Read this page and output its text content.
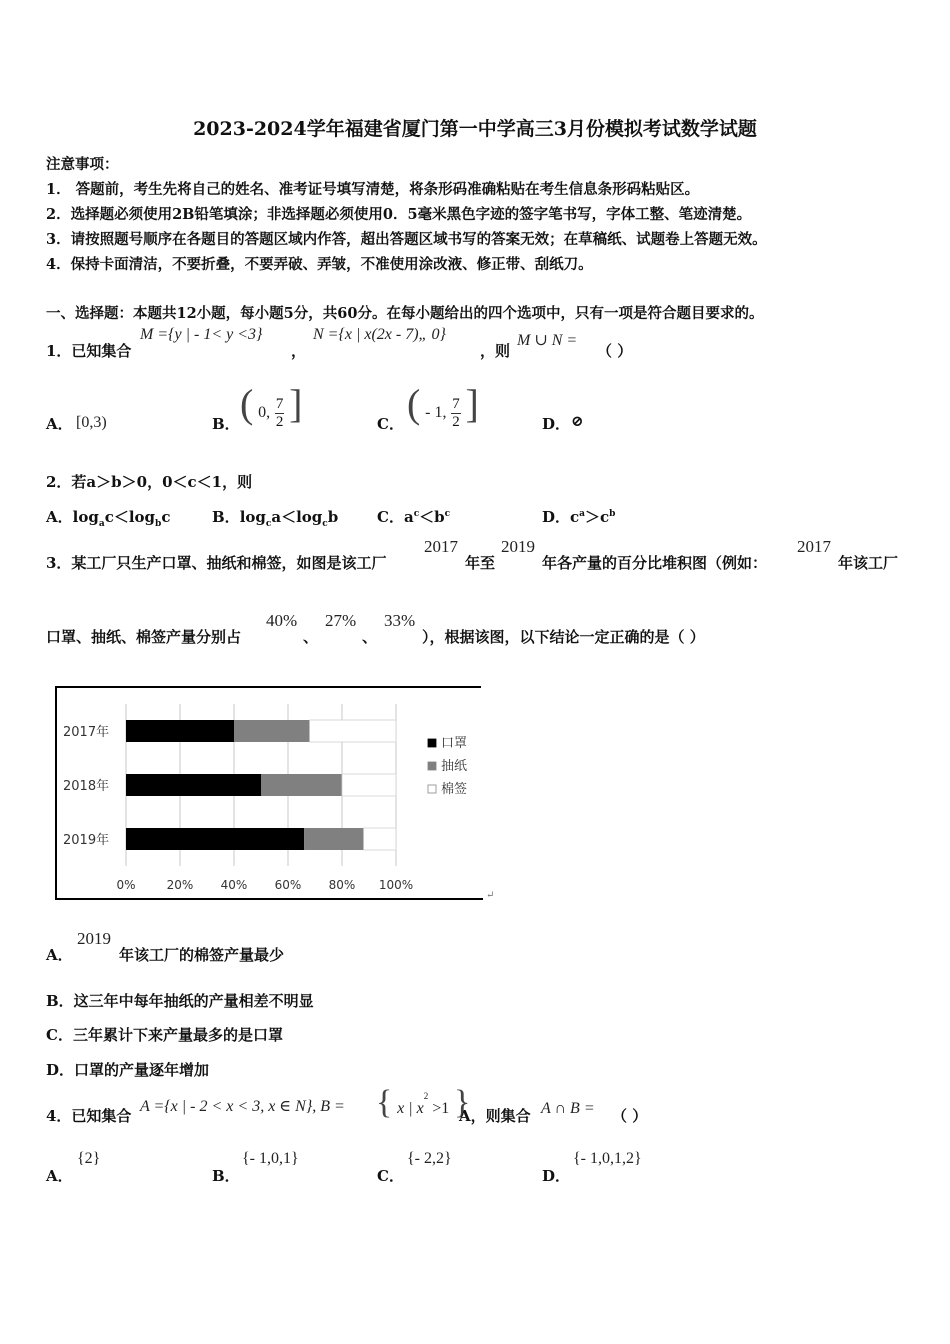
2023-2024学年福建省厦门第一中学高三3月份模拟考试数学试题
注意事项：
1． 答题前，考生先将自己的姓名、准考证号填写清楚，将条形码准确粘贴在考生信息条形码粘贴区。
2．选择题必须使用2B铅笔填涂；非选择题必须使用0．5毫米黑色字迹的签字笔书写，字体工整、笔迹清楚。
3．请按照题号顺序在各题目的答题区域内作答，超出答题区域书写的答案无效；在草稿纸、试题卷上答题无效。
4．保持卡面清洁，不要折叠，不要弄破、弄皱，不准使用涂改液、修正带、刮纸刀。
一、选择题：本题共12小题，每小题5分，共60分。在每小题给出的四个选项中，只有一项是符合题目要求的。
1．已知集合
M ={y | - 1< y <3}
，
N ={x | x(2x - 7)„ 0}
，则
M ∪ N =
（ ）
A． [0,3)	B． ( 0, $\frac{7}{2}$ ]	C． ( - 1, $\frac{7}{2}$ ]	D． ⊘
2．若a＞b＞0，0＜c＜1，则
A．$\log_ac<\log_bc$	B．$\log_ca<\log_cb$	C．$a^c<b^c$	D．$c^a>c^b$
3．某工厂只生产口罩、抽纸和棉签，如图是该工厂
2017
年至
2019
年各产量的百分比堆积图（例如：
2017
年该工厂
口罩、抽纸、棉签产量分别占
40%
、
27%
、
33%
），根据该图，以下结论一定正确的是（ ）
2017年
2018年
2019年
0%	20% 40% 60% 80% 100%
口罩
抽纸
棉签
↵
A．
2019
年该工厂的棉签产量最少
B．这三年中每年抽纸的产量相差不明显
C．三年累计下来产量最多的是口罩
D．口罩的产量逐年增加
4．已知集合
A ={x | - 2 < x < 3, x ∈ N}, B = { x | $x^2 >1$ }
A，则集合 A ∩ B = （ ）
A．
{2}
B．
{- 1,0,1}
C．
{- 2,2}
D．
{- 1,0,1,2}
